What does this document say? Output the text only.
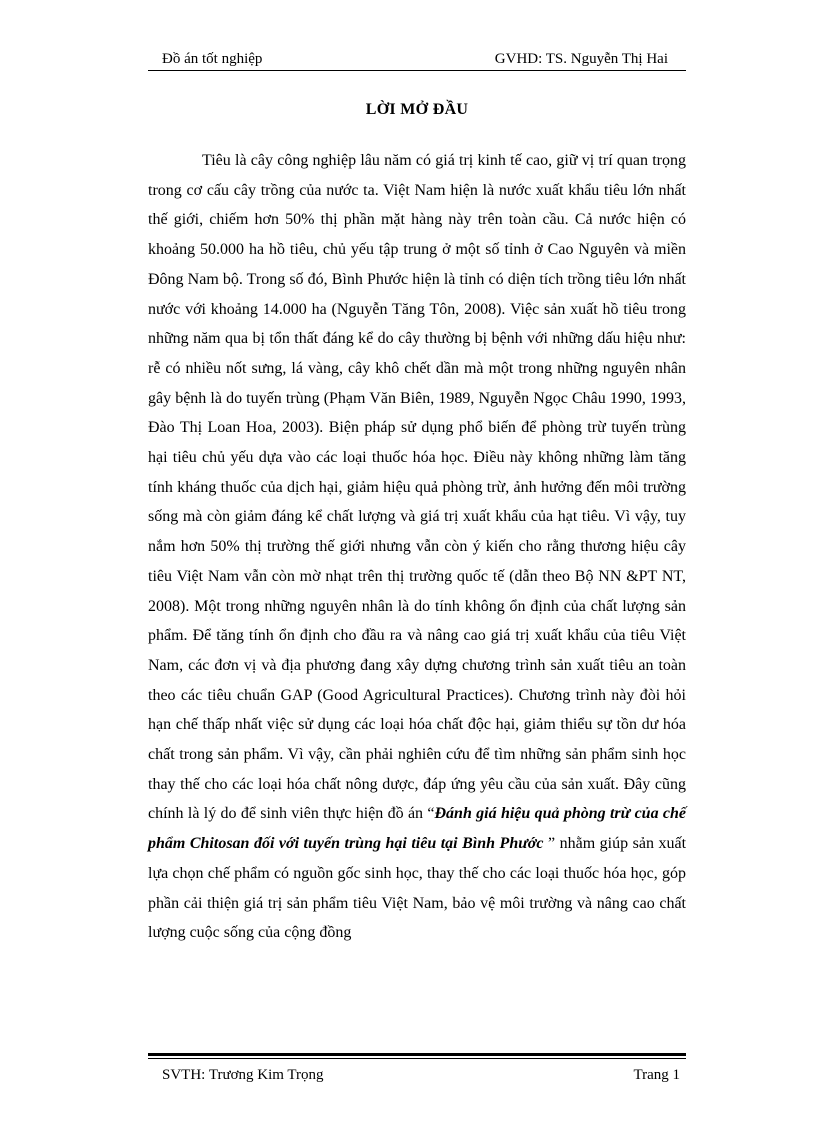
Đồ án tốt nghiệp	GVHD: TS. Nguyễn Thị Hai
LỜI MỞ ĐẦU

Tiêu là cây công nghiệp lâu năm có giá trị kinh tế cao, giữ vị trí quan trọng trong cơ cấu cây trồng của nước ta. Việt Nam hiện là nước xuất khẩu tiêu lớn nhất thế giới, chiếm hơn 50% thị phần mặt hàng này trên toàn cầu. Cả nước hiện có khoảng 50.000 ha hồ tiêu, chủ yếu tập trung ở một số tỉnh ở Cao Nguyên và miền Đông Nam bộ. Trong số đó, Bình Phước hiện là tỉnh có diện tích trồng tiêu lớn nhất nước với khoảng 14.000 ha (Nguyễn Tăng Tôn, 2008). Việc sản xuất hồ tiêu trong những năm qua bị tổn thất đáng kể do cây thường bị bệnh với những dấu hiệu như: rễ có nhiều nốt sưng, lá vàng, cây khô chết dần mà một trong những nguyên nhân gây bệnh là do tuyến trùng (Phạm Văn Biên, 1989, Nguyễn Ngọc Châu 1990, 1993, Đào Thị Loan Hoa, 2003). Biện pháp sử dụng phổ biến để phòng trừ tuyến trùng hại tiêu chủ yếu dựa vào các loại thuốc hóa học. Điều này không những làm tăng tính kháng thuốc của dịch hại, giảm hiệu quả phòng trừ, ảnh hưởng đến môi trường sống mà còn giảm đáng kể chất lượng và giá trị xuất khẩu của hạt tiêu. Vì vậy, tuy nắm hơn 50% thị trường thế giới nhưng vẫn còn ý kiến cho rằng thương hiệu cây tiêu Việt Nam vẫn còn mờ nhạt trên thị trường quốc tế (dẫn theo Bộ NN &PT NT, 2008). Một trong những nguyên nhân là do tính không ổn định của chất lượng sản phẩm. Để tăng tính ổn định cho đầu ra và nâng cao giá trị xuất khẩu của tiêu Việt Nam, các đơn vị và địa phương đang xây dựng chương trình sản xuất tiêu an toàn theo các tiêu chuẩn GAP (Good Agricultural Practices). Chương trình này đòi hỏi hạn chế thấp nhất việc sử dụng các loại hóa chất độc hại, giảm thiểu sự tồn dư hóa chất trong sản phẩm. Vì vậy, cần phải nghiên cứu để tìm những sản phẩm sinh học thay thế cho các loại hóa chất nông dược, đáp ứng yêu cầu của sản xuất. Đây cũng chính là lý do để sinh viên thực hiện đồ án “Đánh giá hiệu quả phòng trừ của chế phẩm Chitosan đối với tuyến trùng hại tiêu tại Bình Phước ” nhằm giúp sản xuất lựa chọn chế phẩm có nguồn gốc sinh học, thay thế cho các loại thuốc hóa học, góp phần cải thiện giá trị sản phẩm tiêu Việt Nam, bảo vệ môi trường và nâng cao chất lượng cuộc sống của cộng đồng

SVTH: Trương Kim Trọng	Trang 1
